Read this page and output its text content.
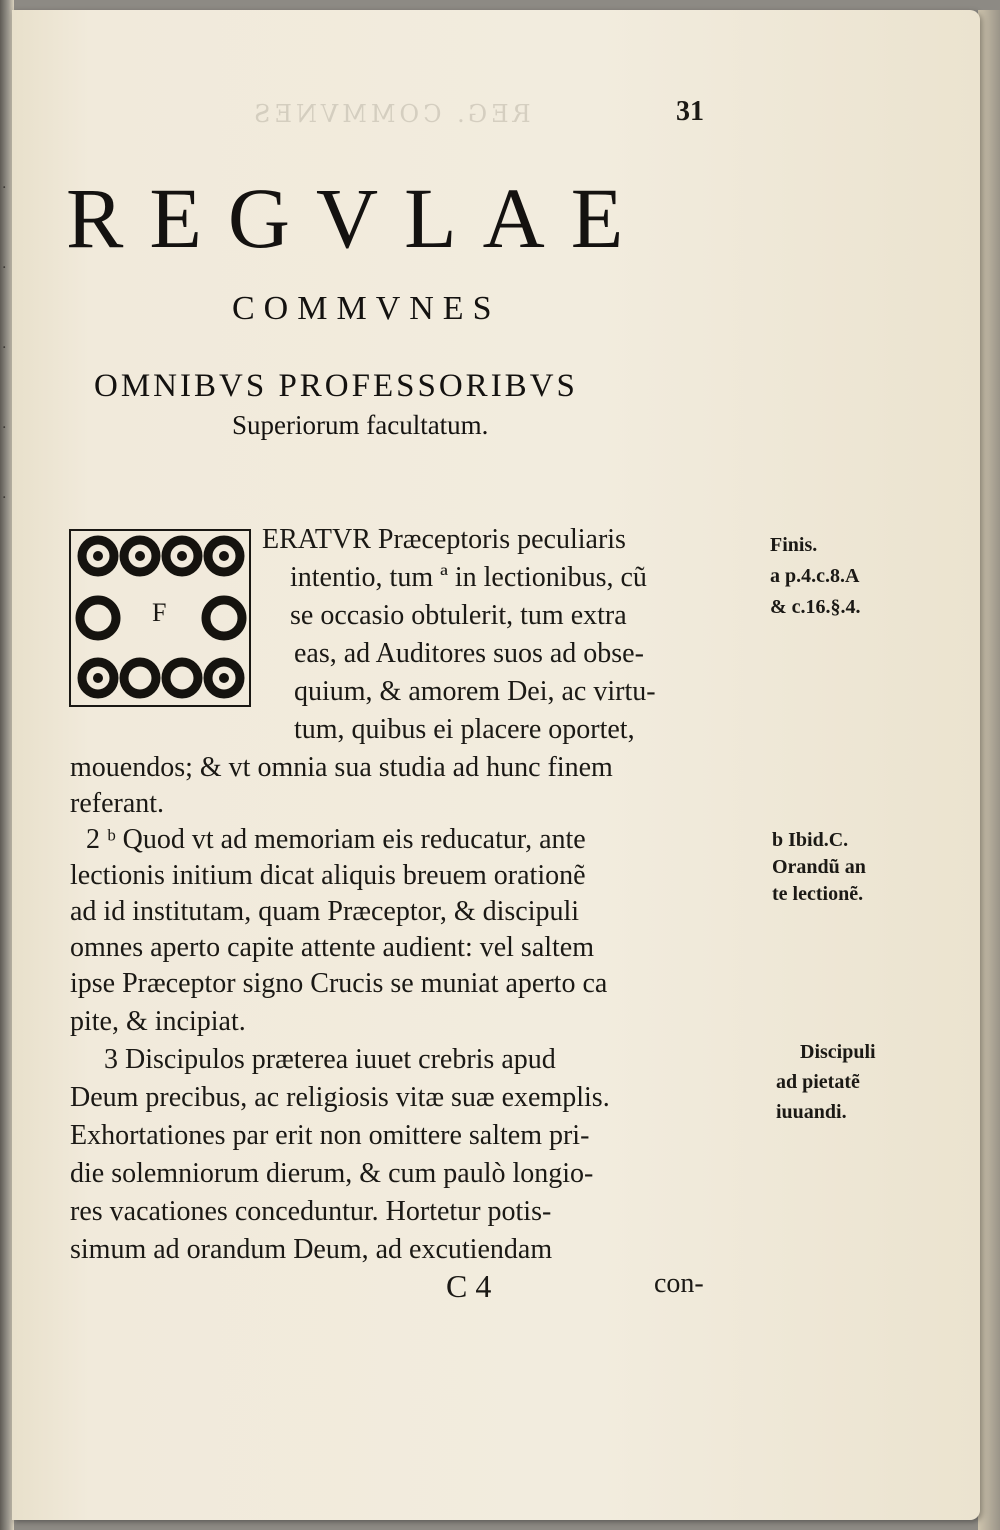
·
·
·
·
·
REG. COMMVNES	31
REGVLAE
COMMVNES
OMNIBVS PROFESSORIBVS
Superiorum facultatum.
F
ERATVR Præceptoris peculiaris
intentio, tum ª in lectionibus, cũ
se occasio obtulerit, tum extra
eas, ad Auditores suos ad obse-
quium, & amorem Dei, ac virtu-
tum, quibus ei placere oportet,
mouendos; & vt omnia sua studia ad hunc finem
referant.
2 ᵇ Quod vt ad memoriam eis reducatur, ante
lectionis initium dicat aliquis breuem orationẽ
ad id institutam, quam Præceptor, & discipuli
omnes aperto capite attente audient: vel saltem
ipse Præceptor signo Crucis se muniat aperto ca
pite, & incipiat.
3 Discipulos præterea iuuet crebris apud
Deum precibus, ac religiosis vitæ suæ exemplis.
Exhortationes par erit non omittere saltem pri-
die solemniorum dierum, & cum paulò longio-
res vacationes conceduntur. Hortetur potis-
simum ad orandum Deum, ad excutiendam
Finis.
a p.4.c.8.A
& c.16.§.4.
b Ibid.C.
Orandũ an
te lectionẽ.
Discipuli
ad pietatẽ
iuuandi.
C 4	con-
